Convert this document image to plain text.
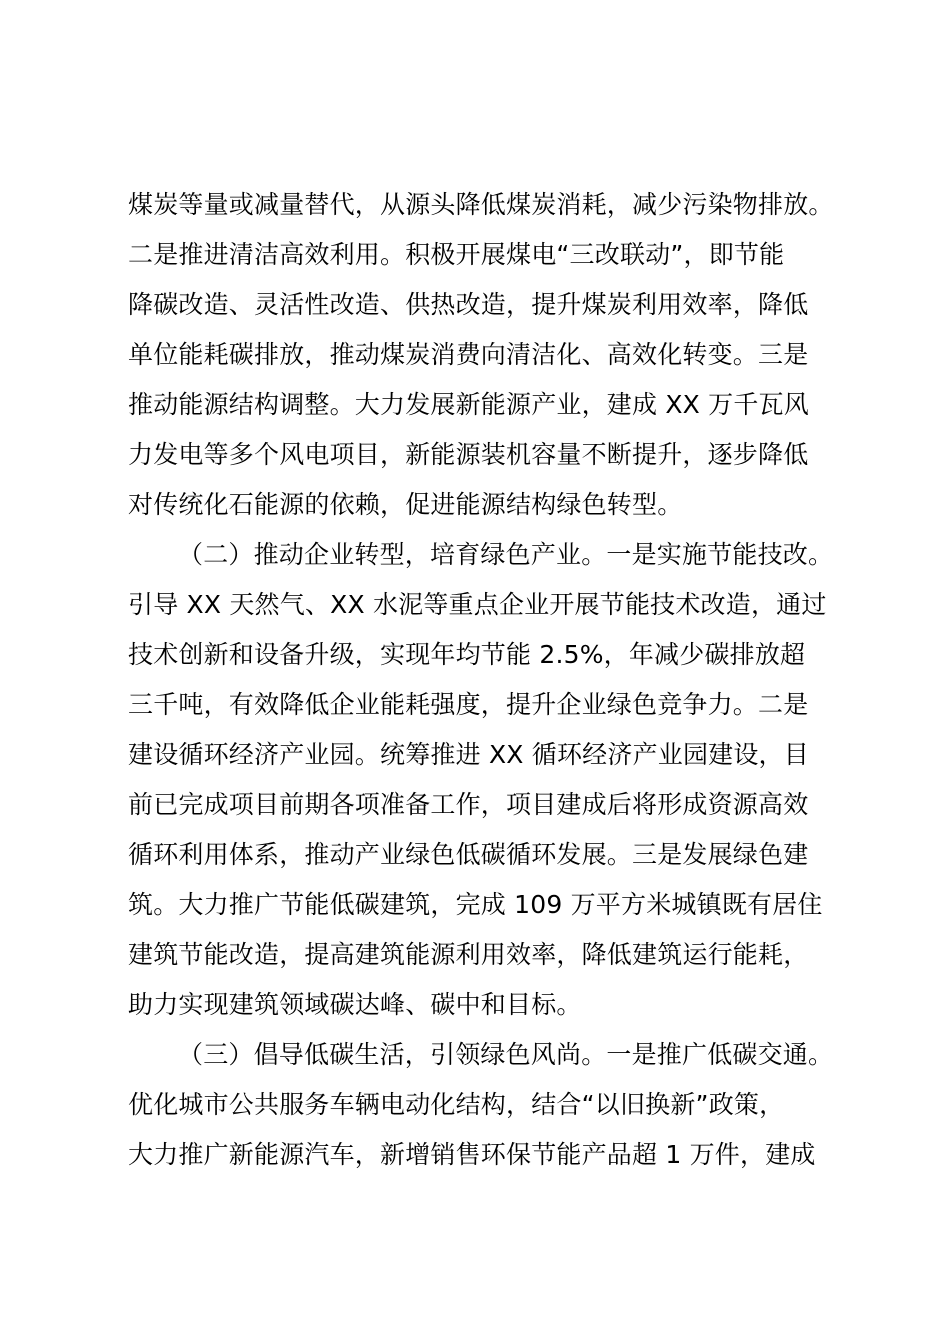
煤炭等量或减量替代，从源头降低煤炭消耗，减少污染物排放。
二是推进清洁高效利用。积极开展煤电“三改联动”，即节能
降碳改造、灵活性改造、供热改造，提升煤炭利用效率，降低
单位能耗碳排放，推动煤炭消费向清洁化、高效化转变。三是
推动能源结构调整。大力发展新能源产业，建成 XX 万千瓦风
力发电等多个风电项目，新能源装机容量不断提升，逐步降低
对传统化石能源的依赖，促进能源结构绿色转型。
（二）推动企业转型，培育绿色产业。一是实施节能技改。
引导 XX 天然气、XX 水泥等重点企业开展节能技术改造，通过
技术创新和设备升级，实现年均节能 2.5%，年减少碳排放超
三千吨，有效降低企业能耗强度，提升企业绿色竞争力。二是
建设循环经济产业园。统筹推进 XX 循环经济产业园建设，目
前已完成项目前期各项准备工作，项目建成后将形成资源高效
循环利用体系，推动产业绿色低碳循环发展。三是发展绿色建
筑。大力推广节能低碳建筑，完成 109 万平方米城镇既有居住
建筑节能改造，提高建筑能源利用效率，降低建筑运行能耗，
助力实现建筑领域碳达峰、碳中和目标。
（三）倡导低碳生活，引领绿色风尚。一是推广低碳交通。
优化城市公共服务车辆电动化结构，结合“以旧换新”政策，
大力推广新能源汽车，新增销售环保节能产品超 1 万件，建成
